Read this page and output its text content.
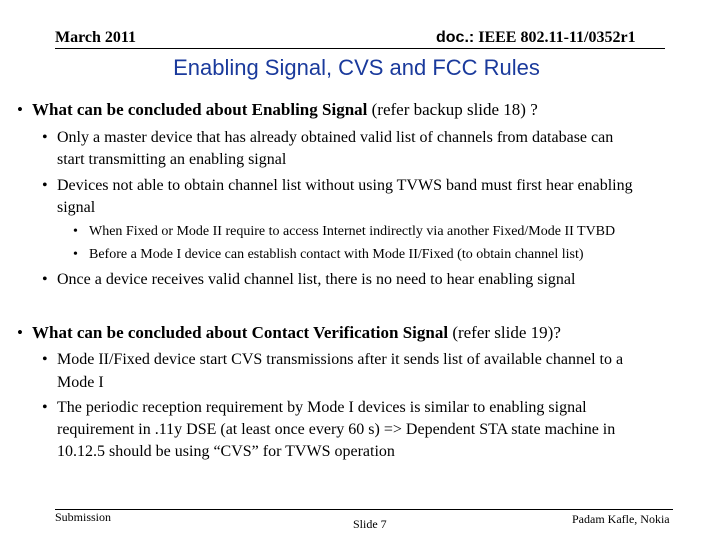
March 2011	doc.: IEEE 802.11-11/0352r1
Enabling Signal, CVS and FCC Rules
• What can be concluded about Enabling Signal (refer backup slide 18) ?
• Only a master device that has already obtained valid list of channels from database can
start transmitting an enabling signal
• Devices not able to obtain channel list without using TVWS band must first hear enabling
signal
• When Fixed or Mode II require to access Internet indirectly via another Fixed/Mode II TVBD
• Before a Mode I device can establish contact with Mode II/Fixed (to obtain channel list)
• Once a device receives valid channel list, there is no need to hear enabling signal
• What can be concluded about Contact Verification Signal (refer slide 19)?
• Mode II/Fixed device start CVS transmissions after it sends list of available channel to a
Mode I
• The periodic reception requirement by Mode I devices is similar to enabling signal
requirement in .11y DSE (at least once every 60 s) => Dependent STA state machine in
10.12.5 should be using “CVS” for TVWS operation
Submission	Slide 7	Padam Kafle, Nokia
